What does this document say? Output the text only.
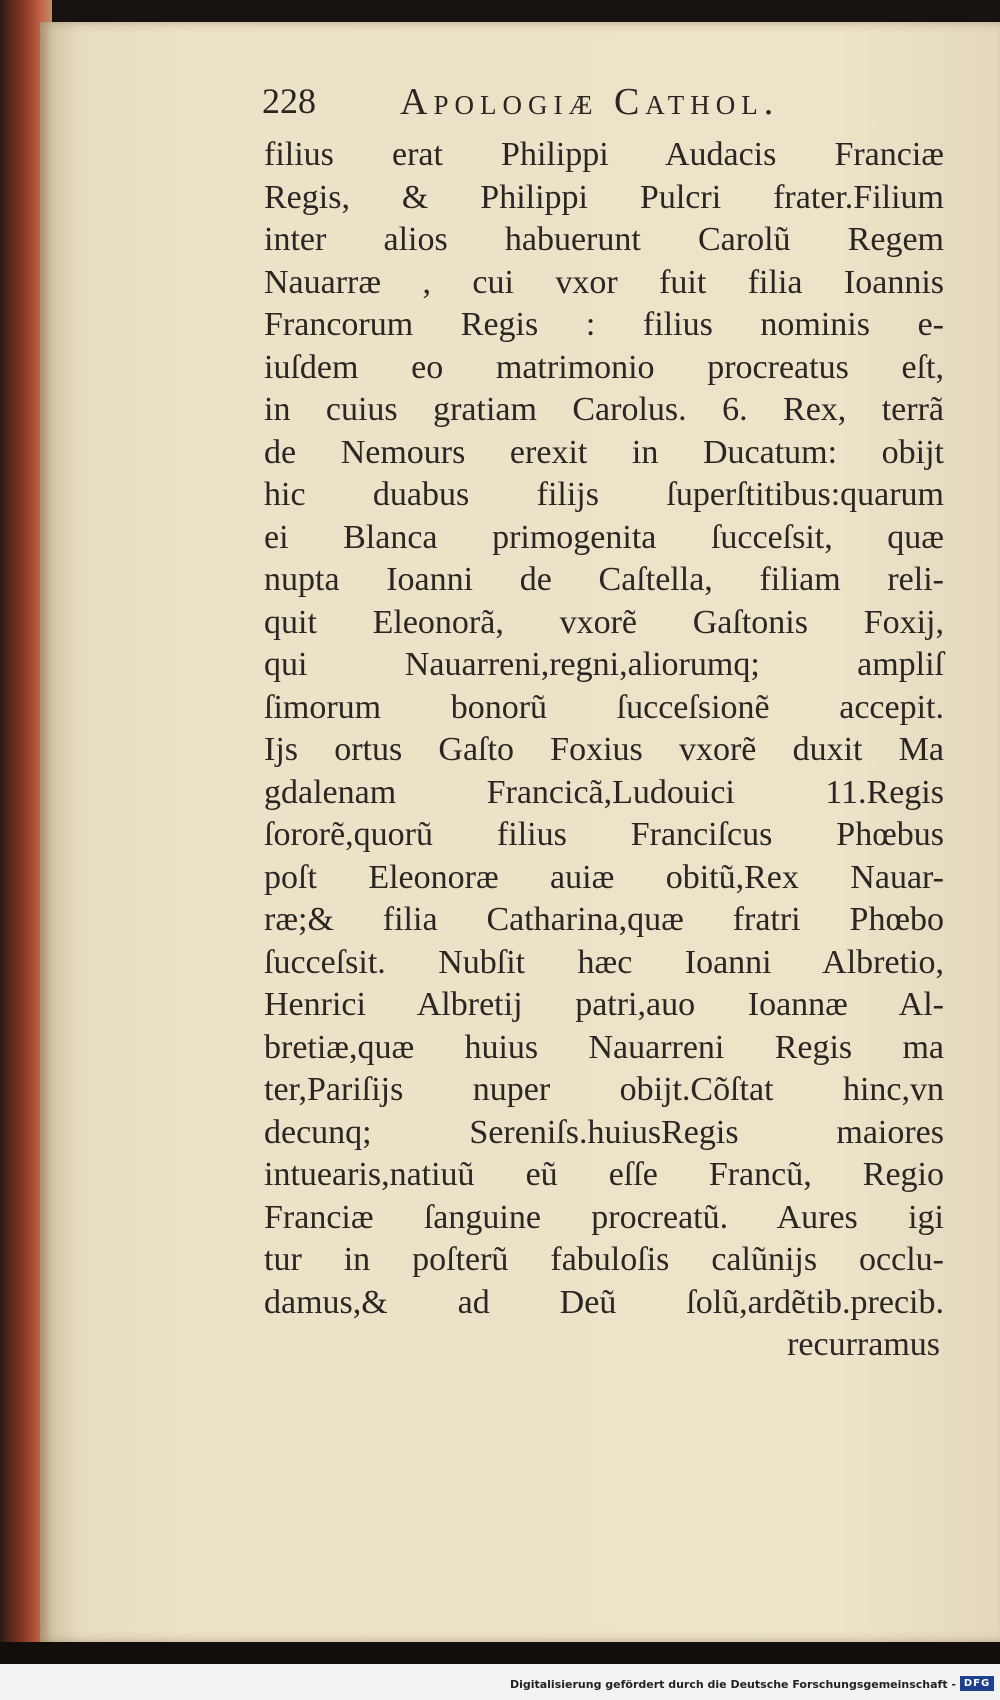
228 Apologiæ Cathol.
filius erat Philippi Audacis Franciæ
Regis, & Philippi Pulcri frater.Filium
inter alios habuerunt Carolũ Regem
Nauarræ , cui vxor fuit filia Ioannis
Francorum Regis : filius nominis e-
iuſdem eo matrimonio procreatus eſt,
in cuius gratiam Carolus. 6. Rex, terrã
de Nemours erexit in Ducatum: obijt
hic duabus filijs ſuperſtitibus:quarum
ei Blanca primogenita ſucceſsit, quæ
nupta Ioanni de Caſtella, filiam reli-
quit Eleonorã, vxorẽ Gaſtonis Foxij,
qui Nauarreni,regni,aliorumq; ampliſ
ſimorum bonorũ ſucceſsionẽ accepit.
Ijs ortus Gaſto Foxius vxorẽ duxit Ma
gdalenam Francicã,Ludouici 11.Regis
ſororẽ,quorũ filius Franciſcus Phœbus
poſt Eleonoræ auiæ obitũ,Rex Nauar-
ræ;& filia Catharina,quæ fratri Phœbo
ſucceſsit. Nubſit hæc Ioanni Albretio,
Henrici Albretij patri,auo Ioannæ Al-
bretiæ,quæ huius Nauarreni Regis ma
ter,Pariſijs nuper obijt.Cõſtat hinc,vn
decunq; Sereniſs.huiusRegis maiores
intuearis,natiuũ eũ eſſe Francũ, Regio
Franciæ ſanguine procreatũ. Aures igi
tur in poſterũ fabuloſis calũnijs occlu-
damus,& ad Deũ ſolũ,ardẽtib.precib.
recurramus
Digitalisierung gefördert durch die Deutsche Forschungsgemeinschaft - DFG
